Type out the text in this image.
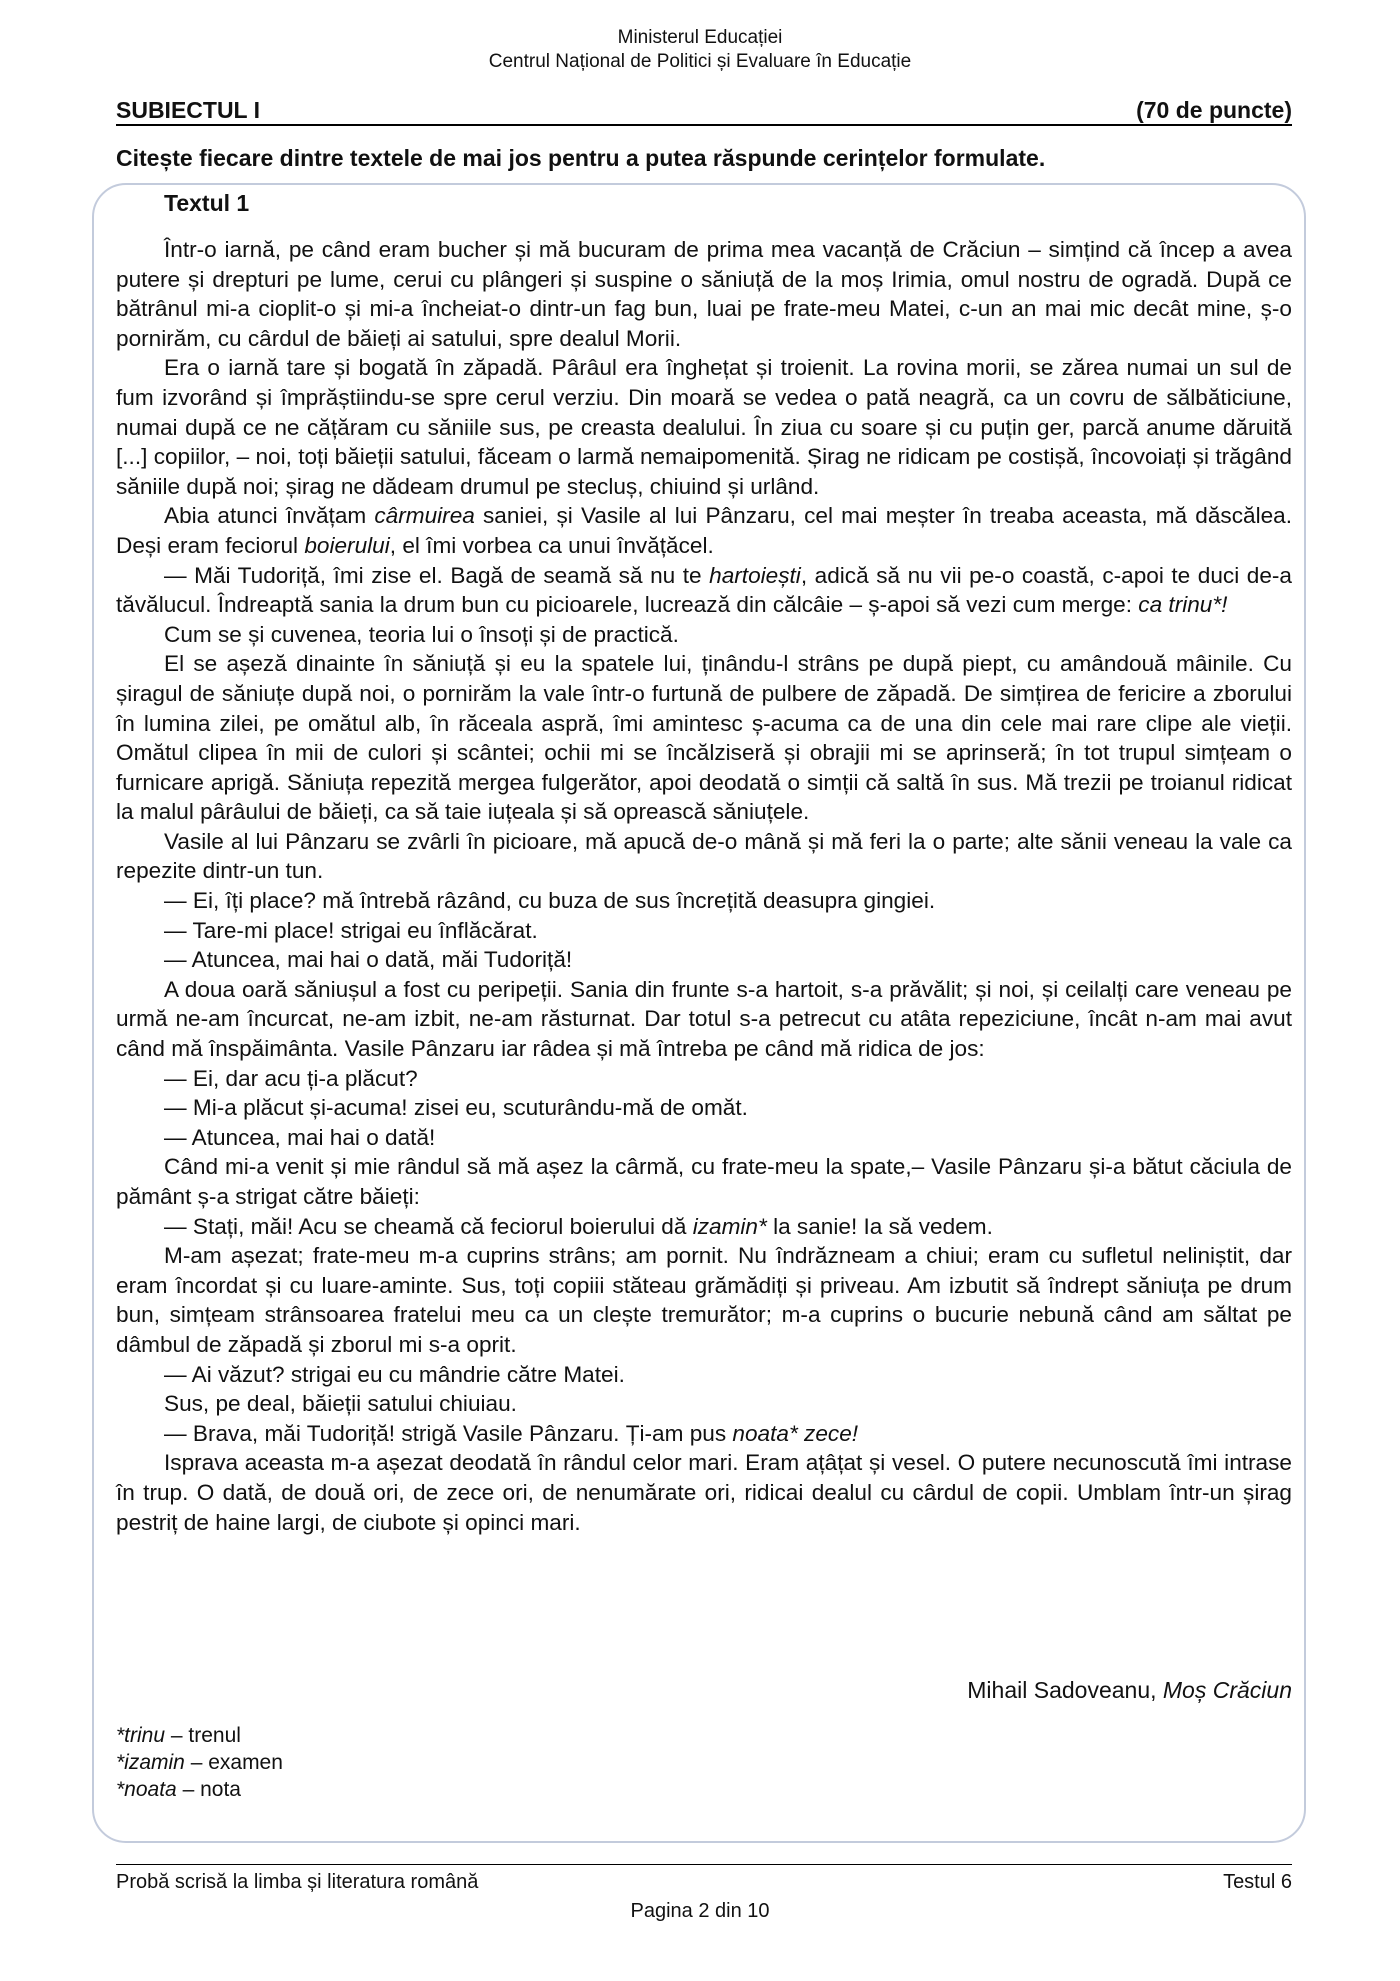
Ministerul Educației
Centrul Național de Politici și Evaluare în Educație
SUBIECTUL I	(70 de puncte)
Citește fiecare dintre textele de mai jos pentru a putea răspunde cerințelor formulate.
Textul 1

Într-o iarnă, pe când eram bucher și mă bucuram de prima mea vacanță de Crăciun – simțind că încep a avea putere și drepturi pe lume, cerui cu plângeri și suspine o săniuță de la moș Irimia, omul nostru de ogradă. După ce bătrânul mi-a cioplit-o și mi-a încheiat-o dintr-un fag bun, luai pe frate-meu Matei, c-un an mai mic decât mine, ș-o pornirăm, cu cârdul de băieți ai satului, spre dealul Morii.

Era o iarnă tare și bogată în zăpadă. Pârâul era înghețat și troienit. La rovina morii, se zărea numai un sul de fum izvorând și împrăștiindu-se spre cerul verziu. Din moară se vedea o pată neagră, ca un covru de sălbăticiune, numai după ce ne cățăram cu săniile sus, pe creasta dealului. În ziua cu soare și cu puțin ger, parcă anume dăruită [...] copiilor, – noi, toți băieții satului, făceam o larmă nemaipomenită. Șirag ne ridicam pe costișă, încovoiați și trăgând săniile după noi; șirag ne dădeam drumul pe stecluș, chiuind și urlând.

Abia atunci învățam cârmuirea saniei, și Vasile al lui Pânzaru, cel mai meșter în treaba aceasta, mă dăscălea. Deși eram feciorul boierului, el îmi vorbea ca unui învățăcel.

— Măi Tudoriță, îmi zise el. Bagă de seamă să nu te hartoiești, adică să nu vii pe-o coastă, c-apoi te duci de-a tăvălucul. Îndreaptă sania la drum bun cu picioarele, lucrează din călcâie – ș-apoi să vezi cum merge: ca trinu*!

Cum se și cuvenea, teoria lui o însoți și de practică.

El se așeză dinainte în săniuță și eu la spatele lui, ținându-l strâns pe după piept, cu amândouă mâinile. Cu șiragul de săniuțe după noi, o pornirăm la vale într-o furtună de pulbere de zăpadă. De simțirea de fericire a zborului în lumina zilei, pe omătul alb, în răceala aspră, îmi amintesc ș-acuma ca de una din cele mai rare clipe ale vieții. Omătul clipea în mii de culori și scântei; ochii mi se încălziseră și obrajii mi se aprinseră; în tot trupul simțeam o furnicare aprigă. Săniuța repezită mergea fulgerător, apoi deodată o simții că saltă în sus. Mă trezii pe troianul ridicat la malul pârâului de băieți, ca să taie iuțeala și să oprească săniuțele.

Vasile al lui Pânzaru se zvârli în picioare, mă apucă de-o mână și mă feri la o parte; alte sănii veneau la vale ca repezite dintr-un tun.

— Ei, îți place? mă întrebă râzând, cu buza de sus încrețită deasupra gingiei.

— Tare-mi place! strigai eu înflăcărat.

— Atuncea, mai hai o dată, măi Tudoriță!

A doua oară săniușul a fost cu peripeții. Sania din frunte s-a hartoit, s-a prăvălit; și noi, și ceilalți care veneau pe urmă ne-am încurcat, ne-am izbit, ne-am răsturnat. Dar totul s-a petrecut cu atâta repeziciune, încât n-am mai avut când mă înspăimânta. Vasile Pânzaru iar râdea și mă întreba pe când mă ridica de jos:

— Ei, dar acu ți-a plăcut?

— Mi-a plăcut și-acuma! zisei eu, scuturându-mă de omăt.

— Atuncea, mai hai o dată!

Când mi-a venit și mie rândul să mă așez la cârmă, cu frate-meu la spate,– Vasile Pânzaru și-a bătut căciula de pământ ș-a strigat către băieți:

— Stați, măi! Acu se cheamă că feciorul boierului dă izamin* la sanie! Ia să vedem.

M-am așezat; frate-meu m-a cuprins strâns; am pornit. Nu îndrăzneam a chiui; eram cu sufletul neliniștit, dar eram încordat și cu luare-aminte. Sus, toți copiii stăteau grămădiți și priveau. Am izbutit să îndrept săniuța pe drum bun, simțeam strânsoarea fratelui meu ca un clește tremurător; m-a cuprins o bucurie nebună când am săltat pe dâmbul de zăpadă și zborul mi s-a oprit.

— Ai văzut? strigai eu cu mândrie către Matei.

Sus, pe deal, băieții satului chiuiau.

— Brava, măi Tudoriță! strigă Vasile Pânzaru. Ți-am pus noata* zece!

Isprava aceasta m-a așezat deodată în rândul celor mari. Eram ațâțat și vesel. O putere necunoscută îmi intrase în trup. O dată, de două ori, de zece ori, de nenumărate ori, ridicai dealul cu cârdul de copii. Umblam într-un șirag pestriț de haine largi, de ciubote și opinci mari.

Mihail Sadoveanu, Moș Crăciun
*trinu – trenul
*izamin – examen
*noata – nota
Probă scrisă la limba și literatura română	Testul 6
Pagina 2 din 10
